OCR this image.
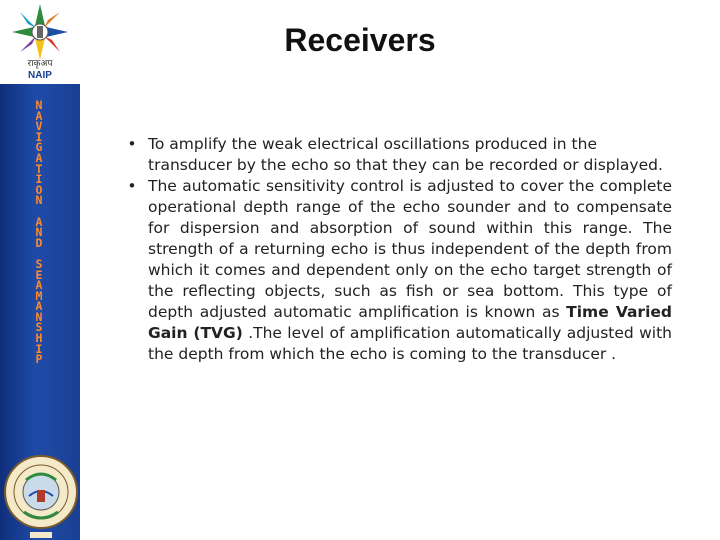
राकृअप
NAIP
N
A
V
I
G
A
T
I
O
N

A
N
D

S
E
A
M
A
N
S
H
I
P
Receivers
• To amplify the weak electrical oscillations produced in the transducer by the echo so that they can be recorded or displayed.
• The automatic sensitivity control is adjusted to cover the complete operational depth range of the echo sounder and to compensate for dispersion and absorption of sound within this range. The strength of a returning echo is thus independent of the depth from which it comes and dependent only on the echo target strength of the reflecting objects, such as fish or sea bottom. This type of depth adjusted automatic amplification is known as Time Varied Gain (TVG) .The level of amplification automatically adjusted with the depth from which the echo is coming to the transducer .
